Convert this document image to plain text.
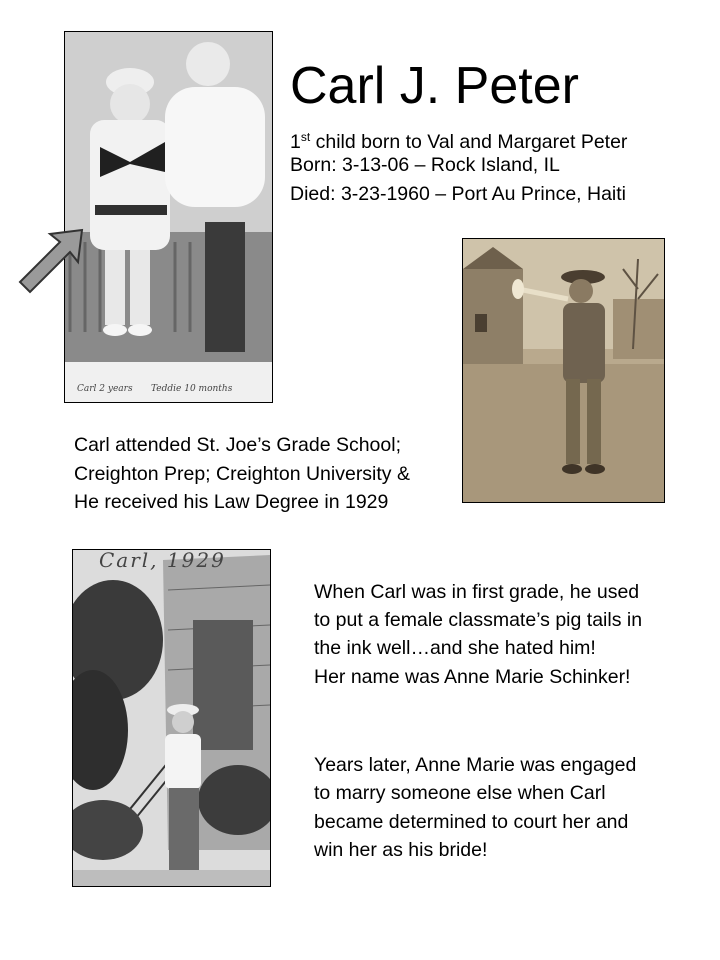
Carl J. Peter
1st child born to Val and Margaret Peter
Born: 3-13-06 – Rock Island, IL
Died: 3-23-1960 – Port Au Prince, Haiti
Carl 2 years Teddie 10 months
Carl attended St. Joe’s Grade School;
Creighton Prep; Creighton University &
He received his Law Degree in 1929
Carl, 1929
When Carl was in first grade, he used
to put a female classmate’s pig tails in
the ink well…and she hated him!
Her name was Anne Marie Schinker!
Years later, Anne Marie was engaged
to marry someone else when Carl
became determined to court her and
win her as his bride!
